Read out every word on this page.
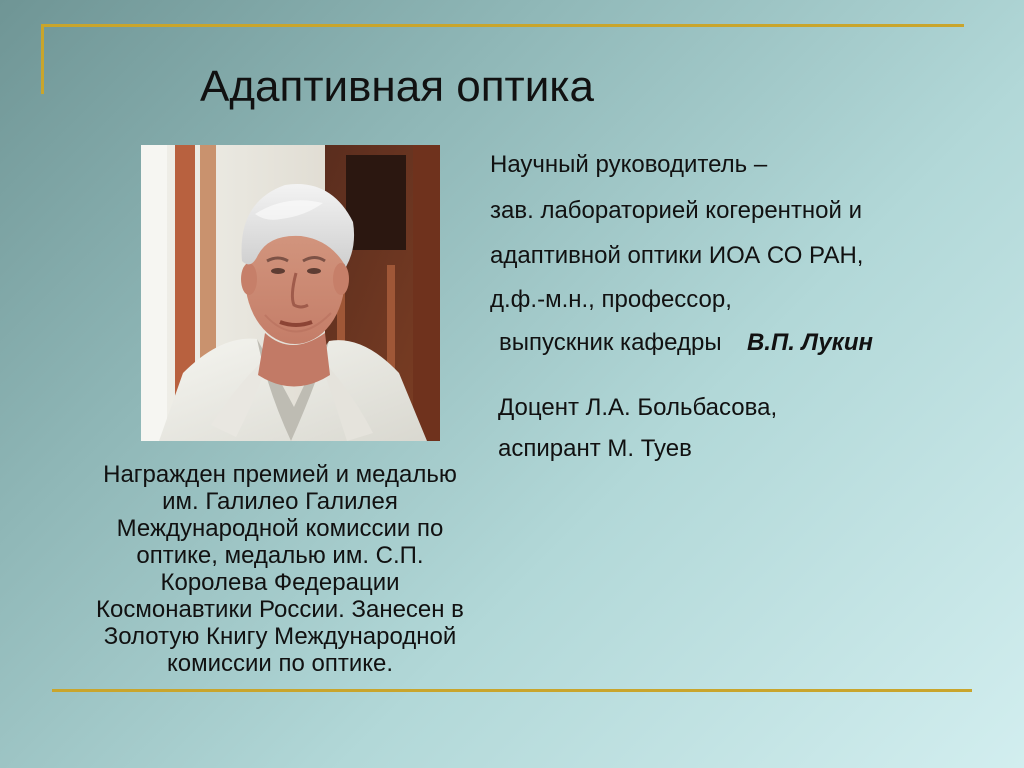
Адаптивная оптика
Награжден премией и медалью
им. Галилео Галилея
Международной комиссии по
оптике, медалью им. С.П.
Королева Федерации
Космонавтики России. Занесен в
Золотую Книгу Международной
комиссии по оптике.
Научный руководитель –
зав. лабораторией когерентной и
адаптивной оптики ИОА СО РАН,
д.ф.-м.н., профессор,
выпускник кафедры В.П. Лукин
Доцент Л.А. Больбасова,
аспирант М. Туев
